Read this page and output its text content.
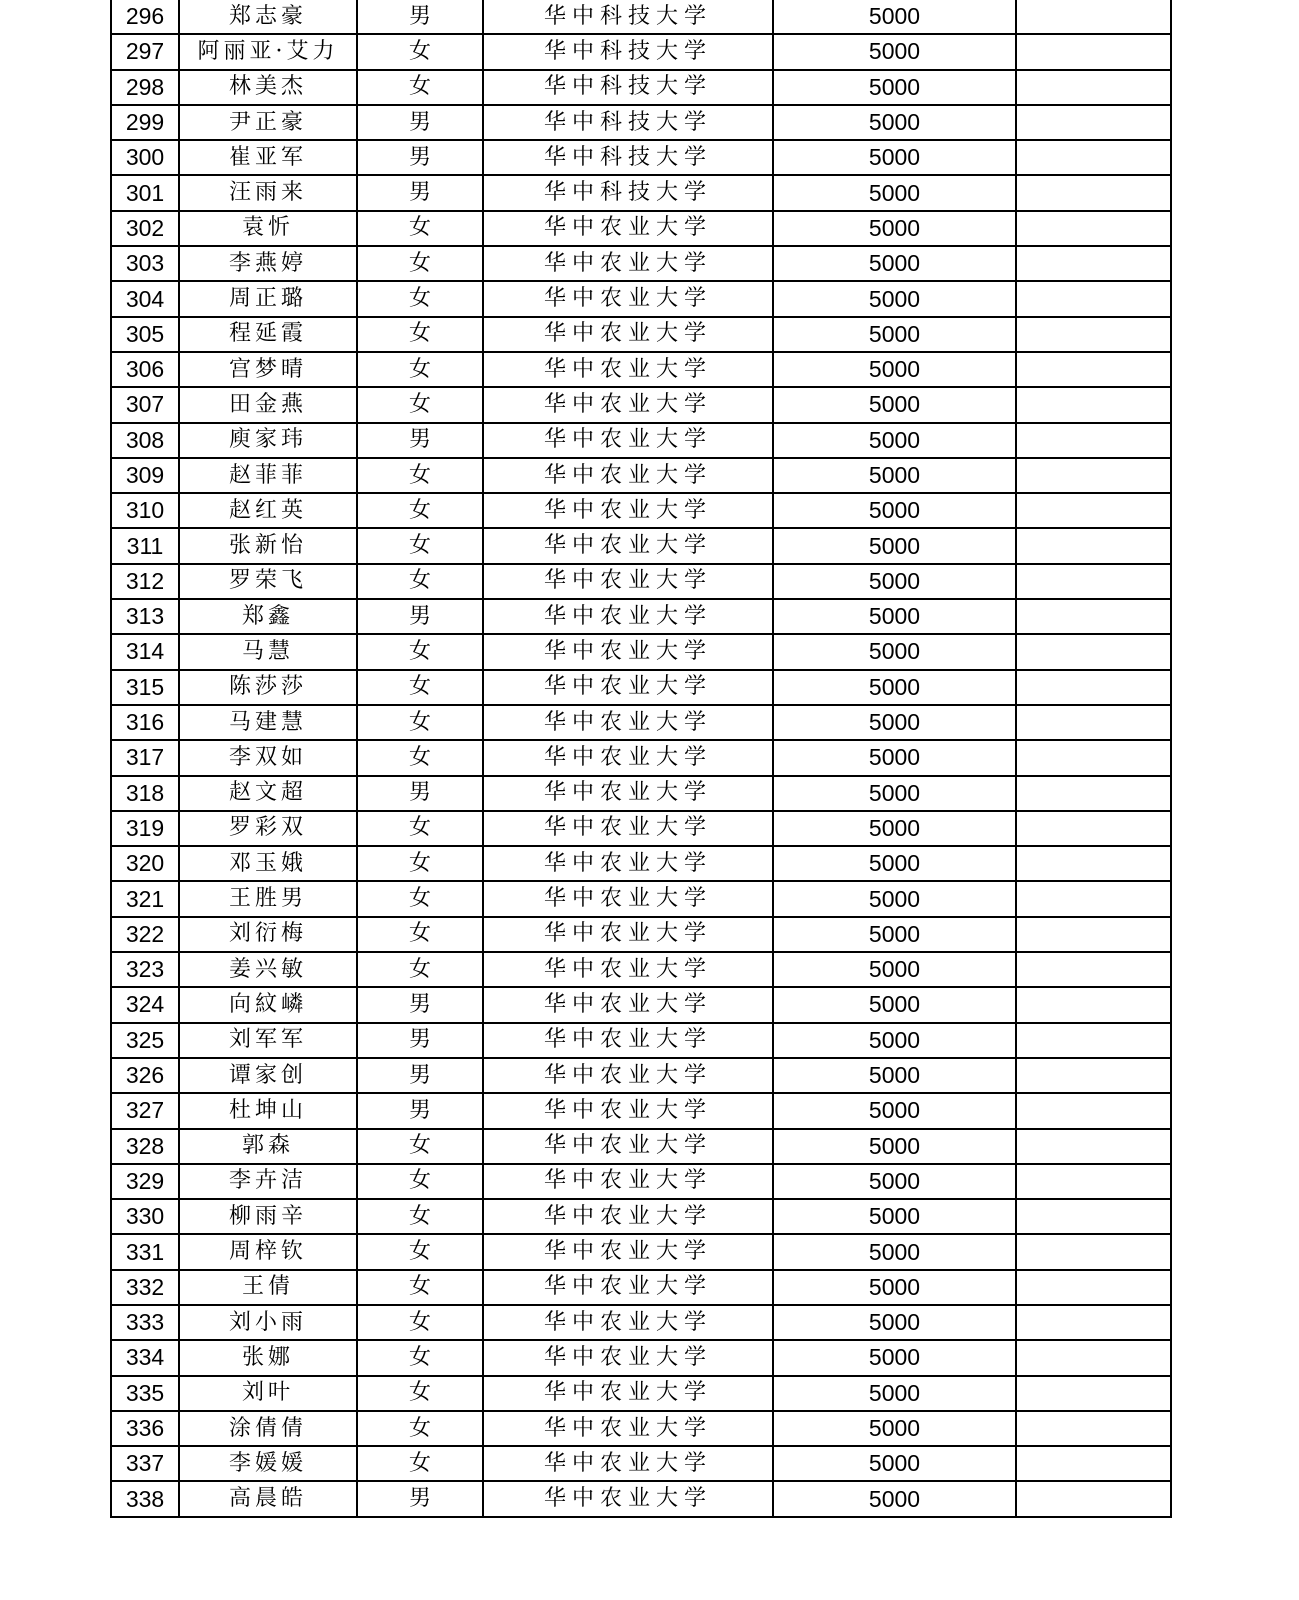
296	郑志豪	男	华中科技大学	5000	
297	阿丽亚·艾力	女	华中科技大学	5000	
298	林美杰	女	华中科技大学	5000	
299	尹正豪	男	华中科技大学	5000	
300	崔亚军	男	华中科技大学	5000	
301	汪雨来	男	华中科技大学	5000	
302	袁忻	女	华中农业大学	5000	
303	李燕婷	女	华中农业大学	5000	
304	周正璐	女	华中农业大学	5000	
305	程延霞	女	华中农业大学	5000	
306	宫梦晴	女	华中农业大学	5000	
307	田金燕	女	华中农业大学	5000	
308	庾家玮	男	华中农业大学	5000	
309	赵菲菲	女	华中农业大学	5000	
310	赵红英	女	华中农业大学	5000	
311	张新怡	女	华中农业大学	5000	
312	罗荣飞	女	华中农业大学	5000	
313	郑鑫	男	华中农业大学	5000	
314	马慧	女	华中农业大学	5000	
315	陈莎莎	女	华中农业大学	5000	
316	马建慧	女	华中农业大学	5000	
317	李双如	女	华中农业大学	5000	
318	赵文超	男	华中农业大学	5000	
319	罗彩双	女	华中农业大学	5000	
320	邓玉娥	女	华中农业大学	5000	
321	王胜男	女	华中农业大学	5000	
322	刘衍梅	女	华中农业大学	5000	
323	姜兴敏	女	华中农业大学	5000	
324	向紋嶙	男	华中农业大学	5000	
325	刘军军	男	华中农业大学	5000	
326	谭家创	男	华中农业大学	5000	
327	杜坤山	男	华中农业大学	5000	
328	郭森	女	华中农业大学	5000	
329	李卉洁	女	华中农业大学	5000	
330	柳雨辛	女	华中农业大学	5000	
331	周梓钦	女	华中农业大学	5000	
332	王倩	女	华中农业大学	5000	
333	刘小雨	女	华中农业大学	5000	
334	张娜	女	华中农业大学	5000	
335	刘叶	女	华中农业大学	5000	
336	涂倩倩	女	华中农业大学	5000	
337	李媛媛	女	华中农业大学	5000	
338	高晨皓	男	华中农业大学	5000	
